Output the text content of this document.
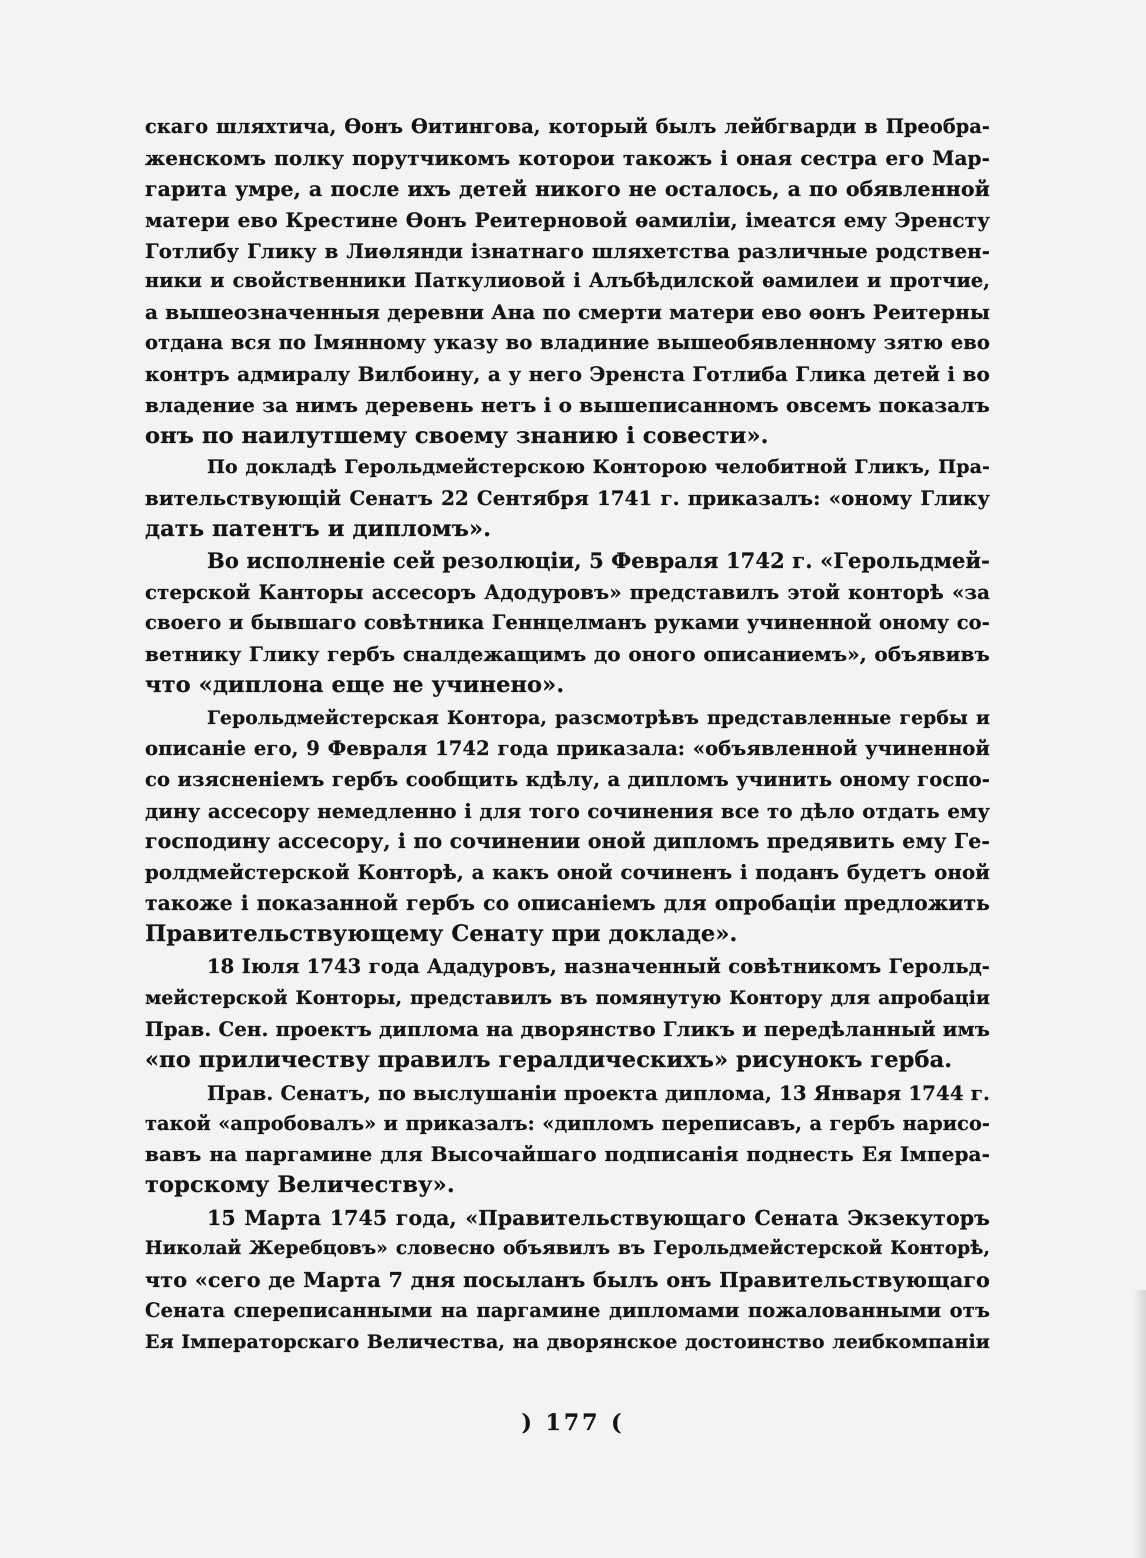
скаго шляхтича, Ѳонъ Ѳитингова, который былъ лейбгварди в Преобра-
женскомъ полку порутчикомъ которои такожъ і оная сестра его Мар-
гарита умре, а после ихъ детей никого не осталось, а по обявленной
матери ево Крестине Ѳонъ Реитерновой ѳамиліи, імеатся ему Эренсту
Готлибу Глику в Лиѳлянди ізнатнаго шляхетства различные родствен-
ники и свойственники Паткулиовой і Алъбѣдилской ѳамилеи и протчие,
а вышеозначенныя деревни Ана по смерти матери ево ѳонъ Реитерны
отдана вся по Імянному указу во владиние вышеобявленному зятю ево
контръ адмиралу Вилбоину, а у него Эренста Готлиба Глика детей і во
владение за нимъ деревень нетъ і о вышеписанномъ овсемъ показалъ
онъ по наилутшему своему знанию і совести».
По докладѣ Герольдмейстерскою Конторою челобитной Гликъ, Пра-
вительствующій Сенатъ 22 Сентября 1741 г. приказалъ: «оному Глику
дать патентъ и дипломъ».
Во исполненіе сей резолюціи, 5 Февраля 1742 г. «Герольдмей-
стерской Канторы ассесоръ Адодуровъ» представилъ этой конторѣ «за
своего и бывшаго совѣтника Геннцелманъ руками учиненной оному со-
ветнику Глику гербъ сналдежащимъ до оного описаниемъ», объявивъ
что «диплона еще не учинено».
Герольдмейстерская Контора, разсмотрѣвъ представленные гербы и
описаніе его, 9 Февраля 1742 года приказала: «объявленной учиненной
со изясненіемъ гербъ сообщить кдѣлу, а дипломъ учинить оному госпо-
дину ассесору немедленно і для того сочинения все то дѣло отдать ему
господину ассесору, і по сочинении оной дипломъ предявить ему Ге-
ролдмейстерской Конторѣ, а какъ оной сочиненъ і поданъ будетъ оной
такоже і показанной гербъ со описаніемъ для опробаціи предложить
Правительствующему Сенату при докладе».
18 Іюля 1743 года Ададуровъ, назначенный совѣтникомъ Герольд-
мейстерской Конторы, представилъ въ помянутую Контору для апробаціи
Прав. Сен. проектъ диплома на дворянство Гликъ и передѣланный имъ
«по приличеству правилъ гералдическихъ» рисунокъ герба.
Прав. Сенатъ, по выслушаніи проекта диплома, 13 Января 1744 г.
такой «апробовалъ» и приказалъ: «дипломъ переписавъ, а гербъ нарисо-
вавъ на паргамине для Высочайшаго подписанія поднесть Ея Імпера-
торскому Величеству».
15 Марта 1745 года, «Правительствующаго Сената Экзекуторъ
Николай Жеребцовъ» словесно объявилъ въ Герольдмейстерской Конторѣ,
что «сего де Марта 7 дня посыланъ былъ онъ Правительствующаго
Сената спереписанными на паргамине дипломами пожалованными отъ
Ея Імператорскаго Величества, на дворянское достоинство леибкомпаніи
) 177 (
